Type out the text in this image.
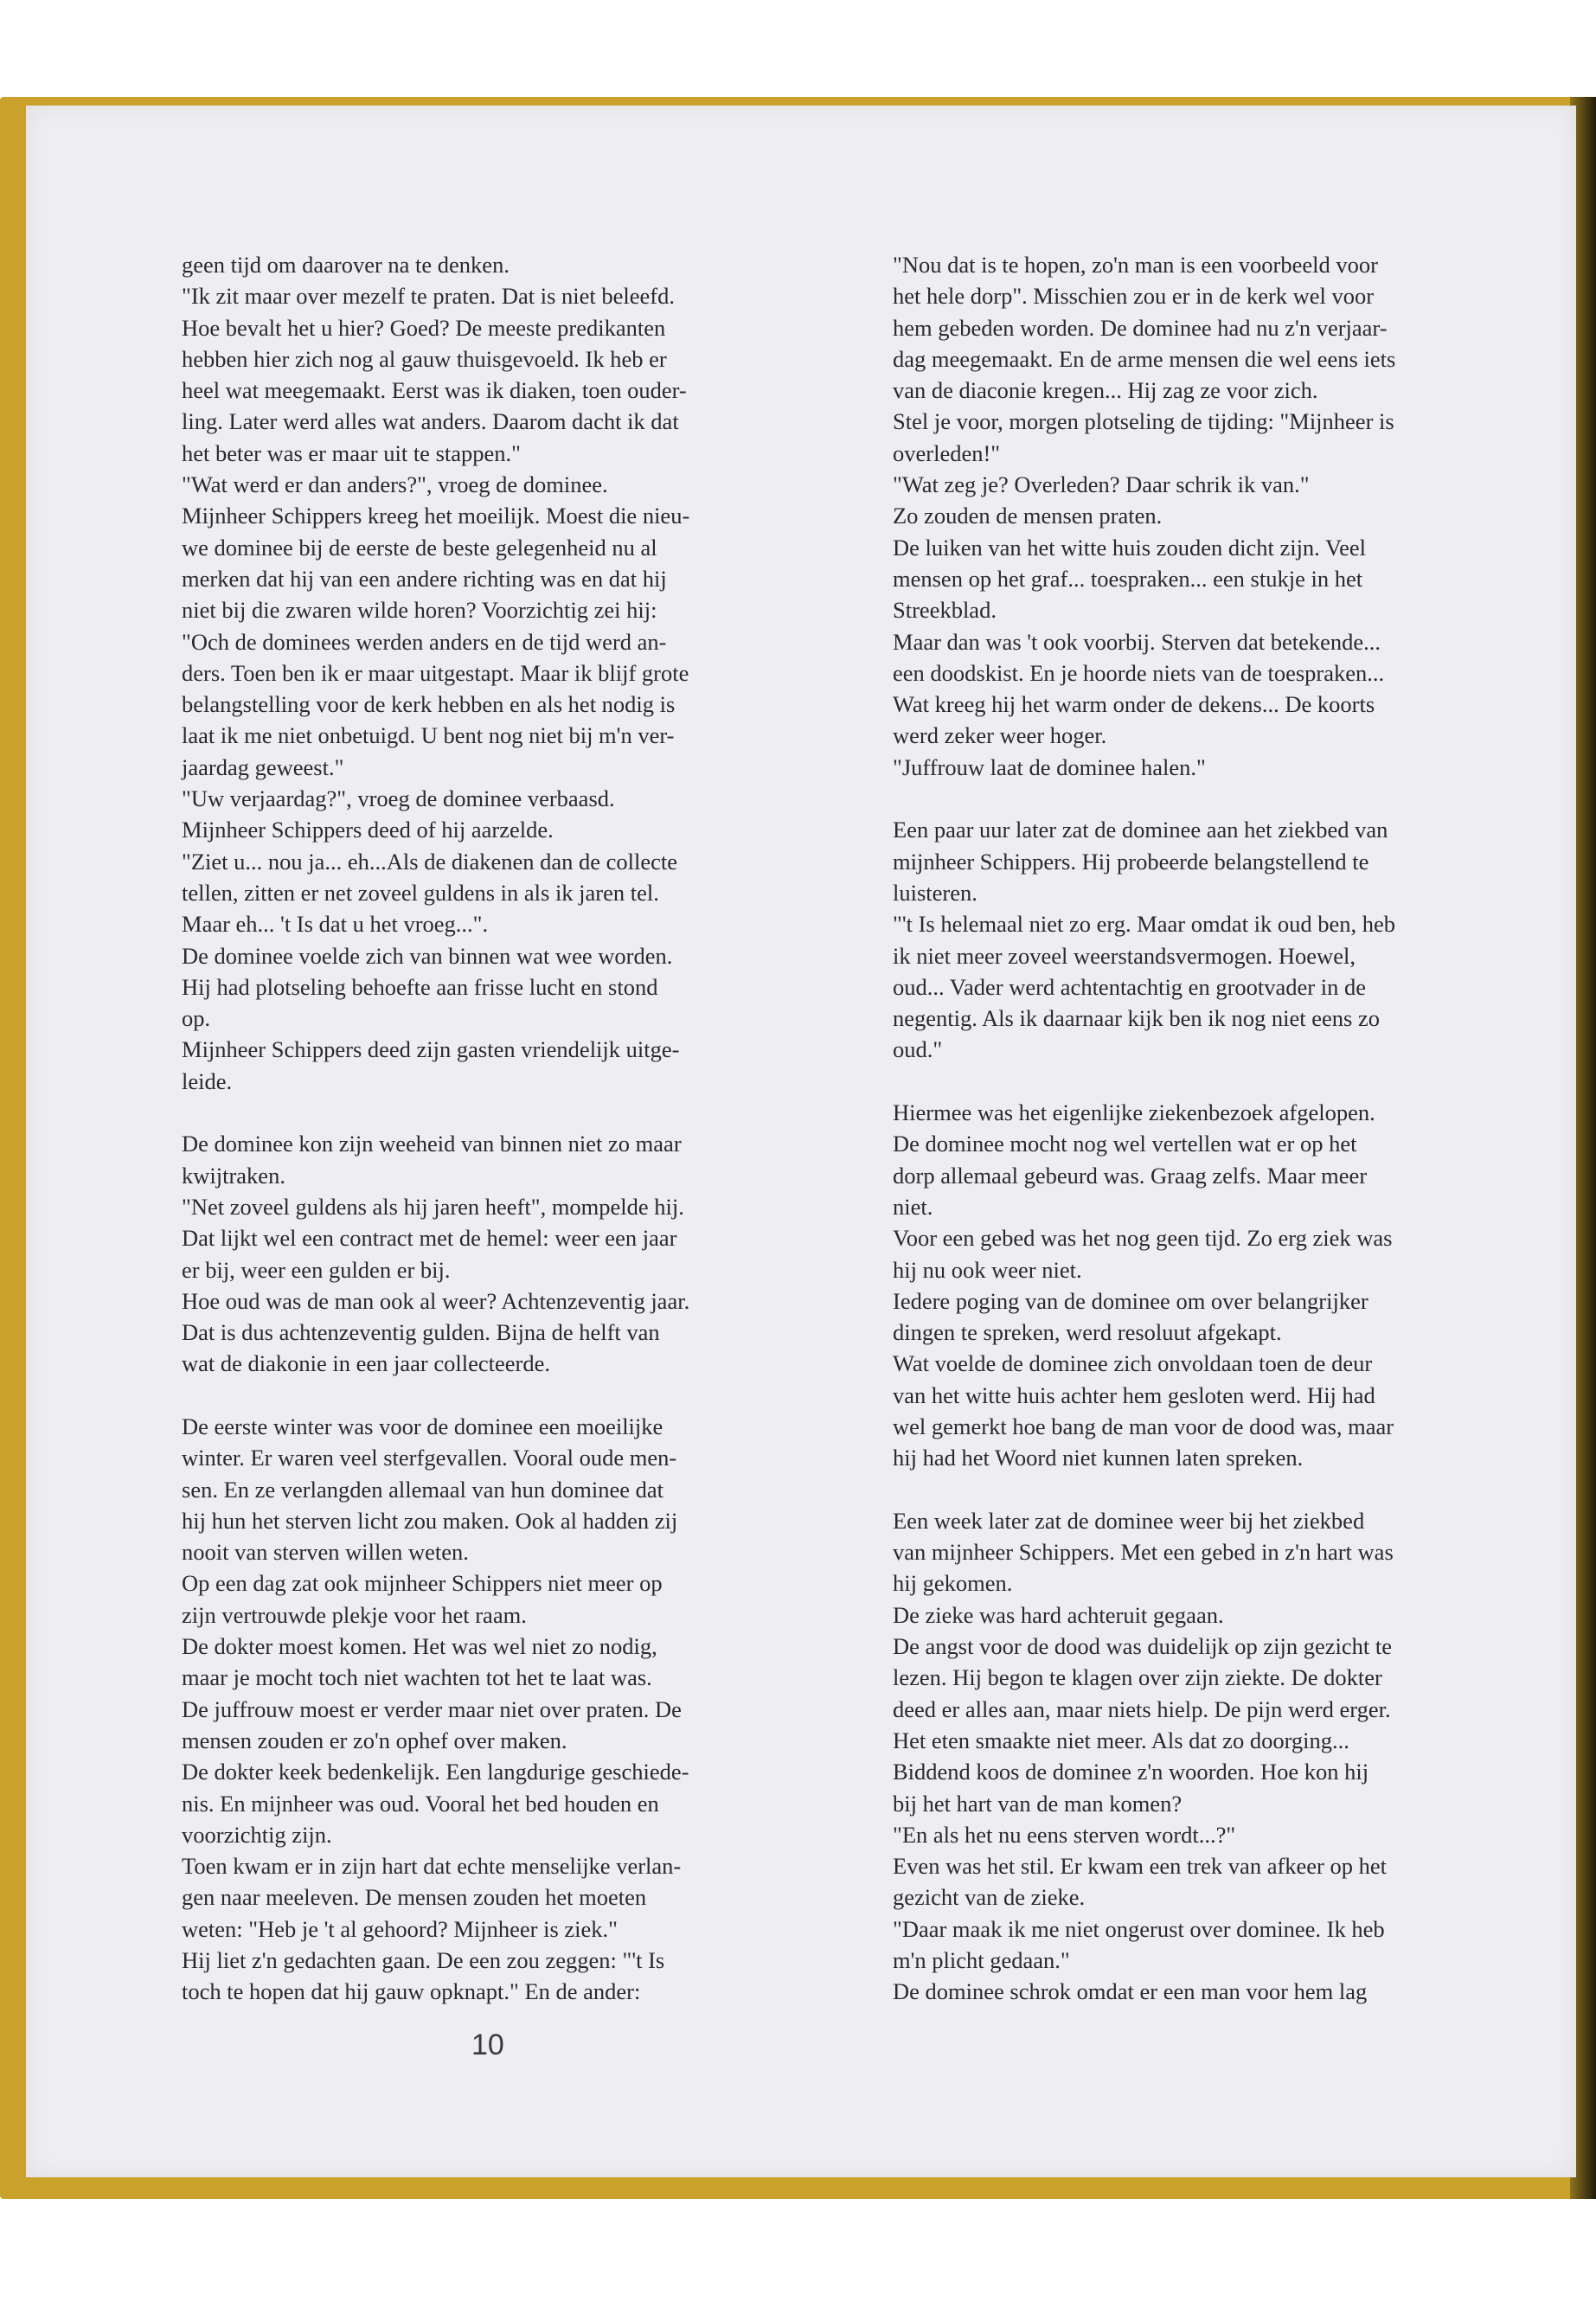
geen tijd om daarover na te denken.
"Ik zit maar over mezelf te praten. Dat is niet beleefd.
Hoe bevalt het u hier? Goed? De meeste predikanten
hebben hier zich nog al gauw thuisgevoeld. Ik heb er
heel wat meegemaakt. Eerst was ik diaken, toen ouder-
ling. Later werd alles wat anders. Daarom dacht ik dat
het beter was er maar uit te stappen."
"Wat werd er dan anders?", vroeg de dominee.
Mijnheer Schippers kreeg het moeilijk. Moest die nieu-
we dominee bij de eerste de beste gelegenheid nu al
merken dat hij van een andere richting was en dat hij
niet bij die zwaren wilde horen? Voorzichtig zei hij:
"Och de dominees werden anders en de tijd werd an-
ders. Toen ben ik er maar uitgestapt. Maar ik blijf grote
belangstelling voor de kerk hebben en als het nodig is
laat ik me niet onbetuigd. U bent nog niet bij m'n ver-
jaardag geweest."
"Uw verjaardag?", vroeg de dominee verbaasd.
Mijnheer Schippers deed of hij aarzelde.
"Ziet u... nou ja... eh...Als de diakenen dan de collecte
tellen, zitten er net zoveel guldens in als ik jaren tel.
Maar eh... 't Is dat u het vroeg...".
De dominee voelde zich van binnen wat wee worden.
Hij had plotseling behoefte aan frisse lucht en stond
op.
Mijnheer Schippers deed zijn gasten vriendelijk uitge-
leide.
De dominee kon zijn weeheid van binnen niet zo maar
kwijtraken.
"Net zoveel guldens als hij jaren heeft", mompelde hij.
Dat lijkt wel een contract met de hemel: weer een jaar
er bij, weer een gulden er bij.
Hoe oud was de man ook al weer? Achtenzeventig jaar.
Dat is dus achtenzeventig gulden. Bijna de helft van
wat de diakonie in een jaar collecteerde.
De eerste winter was voor de dominee een moeilijke
winter. Er waren veel sterfgevallen. Vooral oude men-
sen. En ze verlangden allemaal van hun dominee dat
hij hun het sterven licht zou maken. Ook al hadden zij
nooit van sterven willen weten.
Op een dag zat ook mijnheer Schippers niet meer op
zijn vertrouwde plekje voor het raam.
De dokter moest komen. Het was wel niet zo nodig,
maar je mocht toch niet wachten tot het te laat was.
De juffrouw moest er verder maar niet over praten. De
mensen zouden er zo'n ophef over maken.
De dokter keek bedenkelijk. Een langdurige geschiede-
nis. En mijnheer was oud. Vooral het bed houden en
voorzichtig zijn.
Toen kwam er in zijn hart dat echte menselijke verlan-
gen naar meeleven. De mensen zouden het moeten
weten: "Heb je 't al gehoord? Mijnheer is ziek."
Hij liet z'n gedachten gaan. De een zou zeggen: "'t Is
toch te hopen dat hij gauw opknapt." En de ander:
"Nou dat is te hopen, zo'n man is een voorbeeld voor
het hele dorp". Misschien zou er in de kerk wel voor
hem gebeden worden. De dominee had nu z'n verjaar-
dag meegemaakt. En de arme mensen die wel eens iets
van de diaconie kregen... Hij zag ze voor zich.
Stel je voor, morgen plotseling de tijding: "Mijnheer is
overleden!"
"Wat zeg je? Overleden? Daar schrik ik van."
Zo zouden de mensen praten.
De luiken van het witte huis zouden dicht zijn. Veel
mensen op het graf... toespraken... een stukje in het
Streekblad.
Maar dan was 't ook voorbij. Sterven dat betekende...
een doodskist. En je hoorde niets van de toespraken...
Wat kreeg hij het warm onder de dekens... De koorts
werd zeker weer hoger.
"Juffrouw laat de dominee halen."
Een paar uur later zat de dominee aan het ziekbed van
mijnheer Schippers. Hij probeerde belangstellend te
luisteren.
"'t Is helemaal niet zo erg. Maar omdat ik oud ben, heb
ik niet meer zoveel weerstandsvermogen. Hoewel,
oud... Vader werd achtentachtig en grootvader in de
negentig. Als ik daarnaar kijk ben ik nog niet eens zo
oud."
Hiermee was het eigenlijke ziekenbezoek afgelopen.
De dominee mocht nog wel vertellen wat er op het
dorp allemaal gebeurd was. Graag zelfs. Maar meer
niet.
Voor een gebed was het nog geen tijd. Zo erg ziek was
hij nu ook weer niet.
Iedere poging van de dominee om over belangrijker
dingen te spreken, werd resoluut afgekapt.
Wat voelde de dominee zich onvoldaan toen de deur
van het witte huis achter hem gesloten werd. Hij had
wel gemerkt hoe bang de man voor de dood was, maar
hij had het Woord niet kunnen laten spreken.
Een week later zat de dominee weer bij het ziekbed
van mijnheer Schippers. Met een gebed in z'n hart was
hij gekomen.
De zieke was hard achteruit gegaan.
De angst voor de dood was duidelijk op zijn gezicht te
lezen. Hij begon te klagen over zijn ziekte. De dokter
deed er alles aan, maar niets hielp. De pijn werd erger.
Het eten smaakte niet meer. Als dat zo doorging...
Biddend koos de dominee z'n woorden. Hoe kon hij
bij het hart van de man komen?
"En als het nu eens sterven wordt...?"
Even was het stil. Er kwam een trek van afkeer op het
gezicht van de zieke.
"Daar maak ik me niet ongerust over dominee. Ik heb
m'n plicht gedaan."
De dominee schrok omdat er een man voor hem lag
10
